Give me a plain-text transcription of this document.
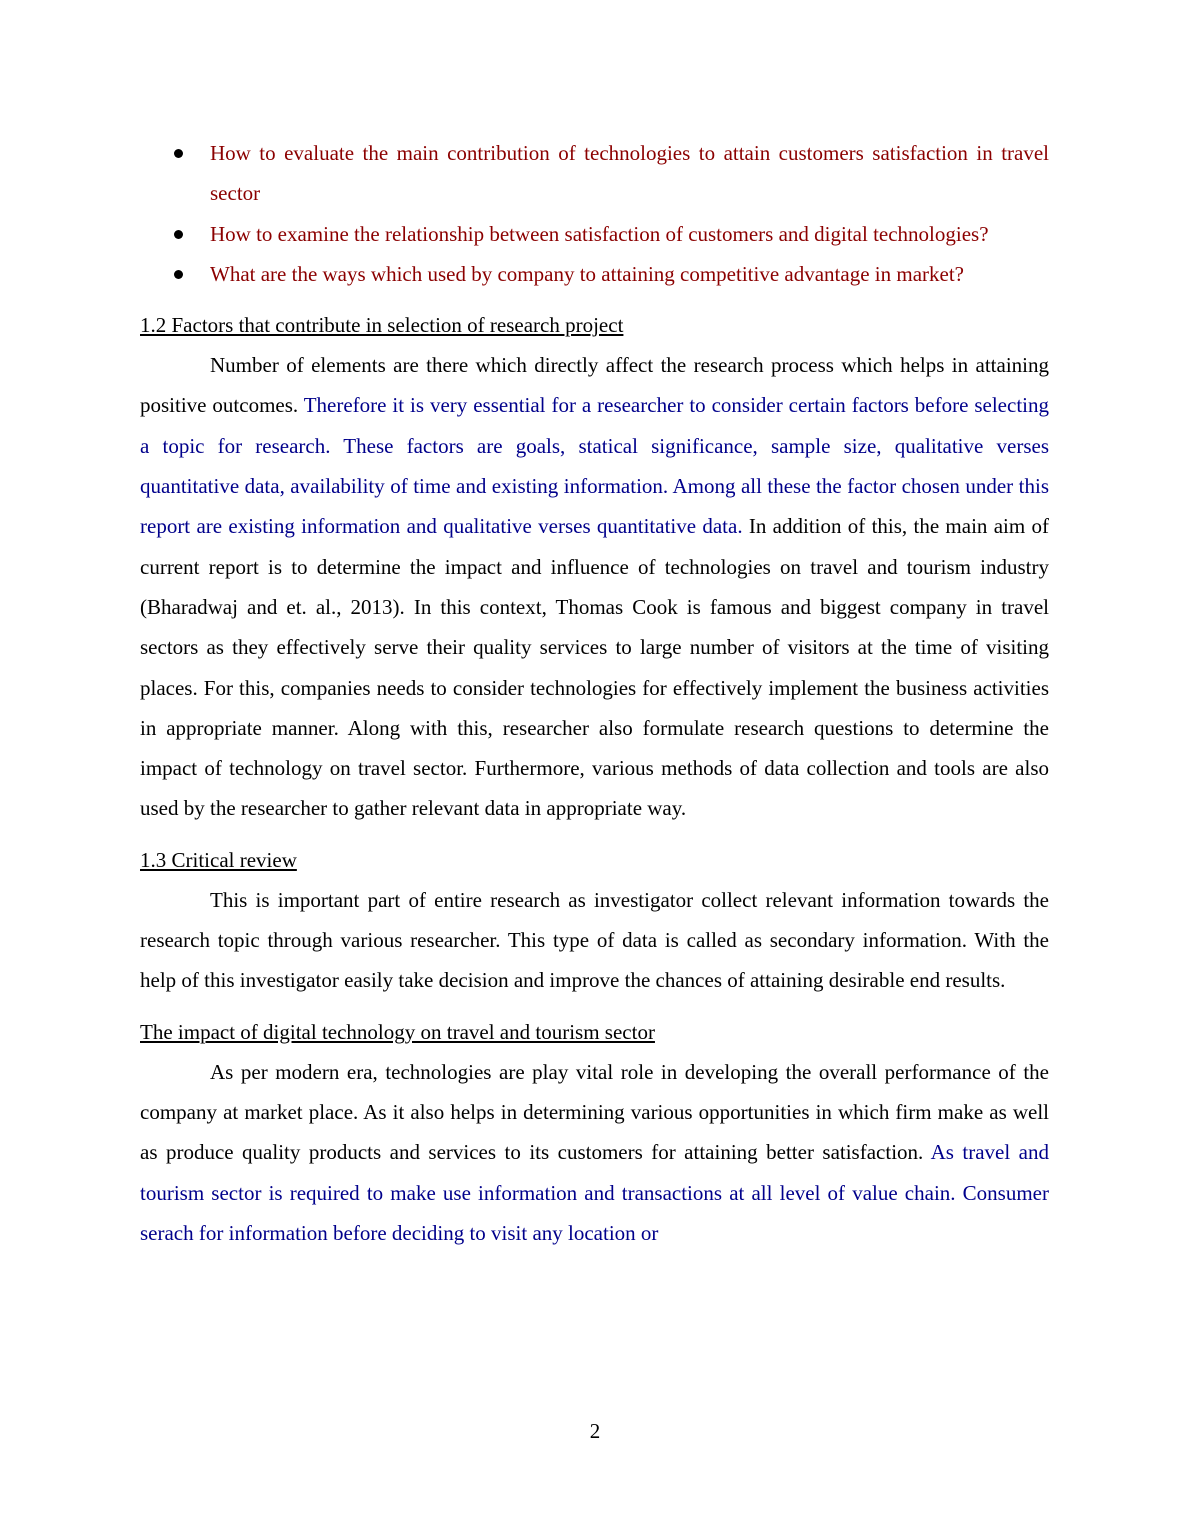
How to evaluate the main contribution of technologies to attain customers satisfaction in travel sector
How to examine the relationship between satisfaction of customers and digital technologies?
What are the ways which used by company to attaining competitive advantage in market?
1.2 Factors that contribute in selection of research project

Number of elements are there which directly affect the research process which helps in attaining positive outcomes. Therefore it is very essential for a researcher to consider certain factors before selecting a topic for research. These factors are goals, statical significance, sample size, qualitative verses quantitative data, availability of time and existing information. Among all these the factor chosen under this report are existing information and qualitative verses quantitative data. In addition of this, the main aim of current report is to determine the impact and influence of technologies on travel and tourism industry (Bharadwaj and et. al., 2013). In this context, Thomas Cook is famous and biggest company in travel sectors as they effectively serve their quality services to large number of visitors at the time of visiting places. For this, companies needs to consider technologies for effectively implement the business activities in appropriate manner. Along with this, researcher also formulate research questions to determine the impact of technology on travel sector. Furthermore, various methods of data collection and tools are also used by the researcher to gather relevant data in appropriate way.

1.3 Critical review

This is important part of entire research as investigator collect relevant information towards the research topic through various researcher. This type of data is called as secondary information. With the help of this investigator easily take decision and improve the chances of attaining desirable end results.

The impact of digital technology on travel and tourism sector

As per modern era, technologies are play vital role in developing the overall performance of the company at market place. As it also helps in determining various opportunities in which firm make as well as produce quality products and services to its customers for attaining better satisfaction. As travel and tourism sector is required to make use information and transactions at all level of value chain. Consumer serach for information before deciding to visit any location or

2
